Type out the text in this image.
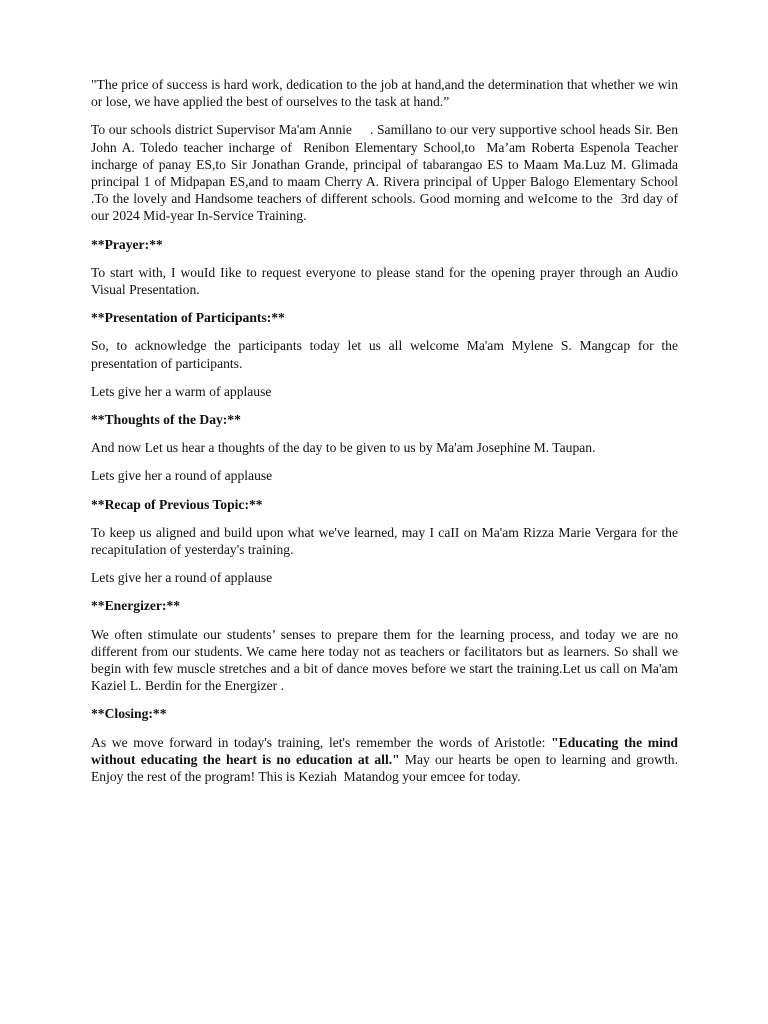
"The price of success is hard work, dedication to the job at hand,and the determination that whether we win or lose, we have applied the best of ourselves to the task at hand.”

To our schools district Supervisor Ma'am Annie     . Samillano to our very supportive school heads Sir. Ben John A. Toledo teacher incharge of  Renibon Elementary School,to  Ma’am Roberta Espenola Teacher incharge of panay ES,to Sir Jonathan Grande, principal of tabarangao ES to Maam Ma.Luz M. Glimada principal 1 of Midpapan ES,and to maam Cherry A. Rivera principal of Upper Balogo Elementary School .To the lovely and Handsome teachers of different schools. Good morning and weIcome to the  3rd day of our 2024 Mid-year In-Service Training.

**Prayer:**

To start with, I wouId Iike to request everyone to please stand for the opening prayer through an Audio Visual Presentation.

**Presentation of Participants:**

So, to acknowledge the participants today let us all welcome Ma'am Mylene S. Mangcap for the presentation of participants.

Lets give her a warm of applause

**Thoughts of the Day:**

And now Let us hear a thoughts of the day to be given to us by Ma'am Josephine M. Taupan.

Lets give her a round of applause

**Recap of Previous Topic:**

To keep us aligned and build upon what we've learned, may I caII on Ma'am Rizza Marie Vergara for the recapituIation of yesterday's training.

Lets give her a round of applause

**Energizer:**

We often stimulate our students’ senses to prepare them for the learning process, and today we are no different from our students. We came here today not as teachers or facilitators but as learners. So shall we begin with few muscle stretches and a bit of dance moves before we start the training.Let us call on Ma'am Kaziel L. Berdin for the Energizer .

**Closing:**

As we move forward in today's training, let's remember the words of Aristotle: "Educating the mind without educating the heart is no education at all." May our hearts be open to learning and growth. Enjoy the rest of the program! This is Keziah  Matandog your emcee for today.
